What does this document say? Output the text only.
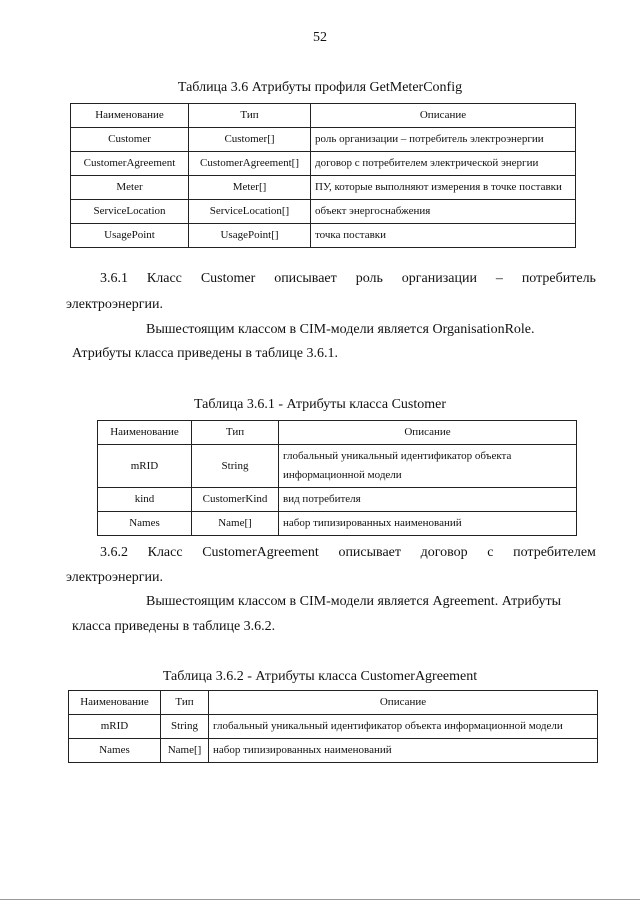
52
Таблица 3.6 Атрибуты профиля GetMeterConfig
Наименование	Тип	Описание
Customer	Customer[]	роль организации – потребитель электроэнергии
CustomerAgreement	CustomerAgreement[]	договор с потребителем электрической энергии
Meter	Meter[]	ПУ, которые выполняют измерения в точке поставки
ServiceLocation	ServiceLocation[]	объект энергоснабжения
UsagePoint	UsagePoint[]	точка поставки
3.6.1 Класс Customer описывает роль организации – потребитель
электроэнергии.
Вышестоящим классом в CIM-модели является OrganisationRole.
Атрибуты класса приведены в таблице 3.6.1.
Таблица 3.6.1 - Атрибуты класса Customer
Наименование	Тип	Описание
mRID	String	глобальный уникальный идентификатор объекта информационной модели
kind	CustomerKind	вид потребителя
Names	Name[]	набор типизированных наименований
3.6.2 Класс CustomerAgreement описывает договор с потребителем
электроэнергии.
Вышестоящим классом в CIM-модели является Agreement. Атрибуты
класса приведены в таблице 3.6.2.
Таблица 3.6.2 - Атрибуты класса CustomerAgreement
Наименование	Тип	Описание
mRID	String	глобальный уникальный идентификатор объекта информационной модели
Names	Name[]	набор типизированных наименований
